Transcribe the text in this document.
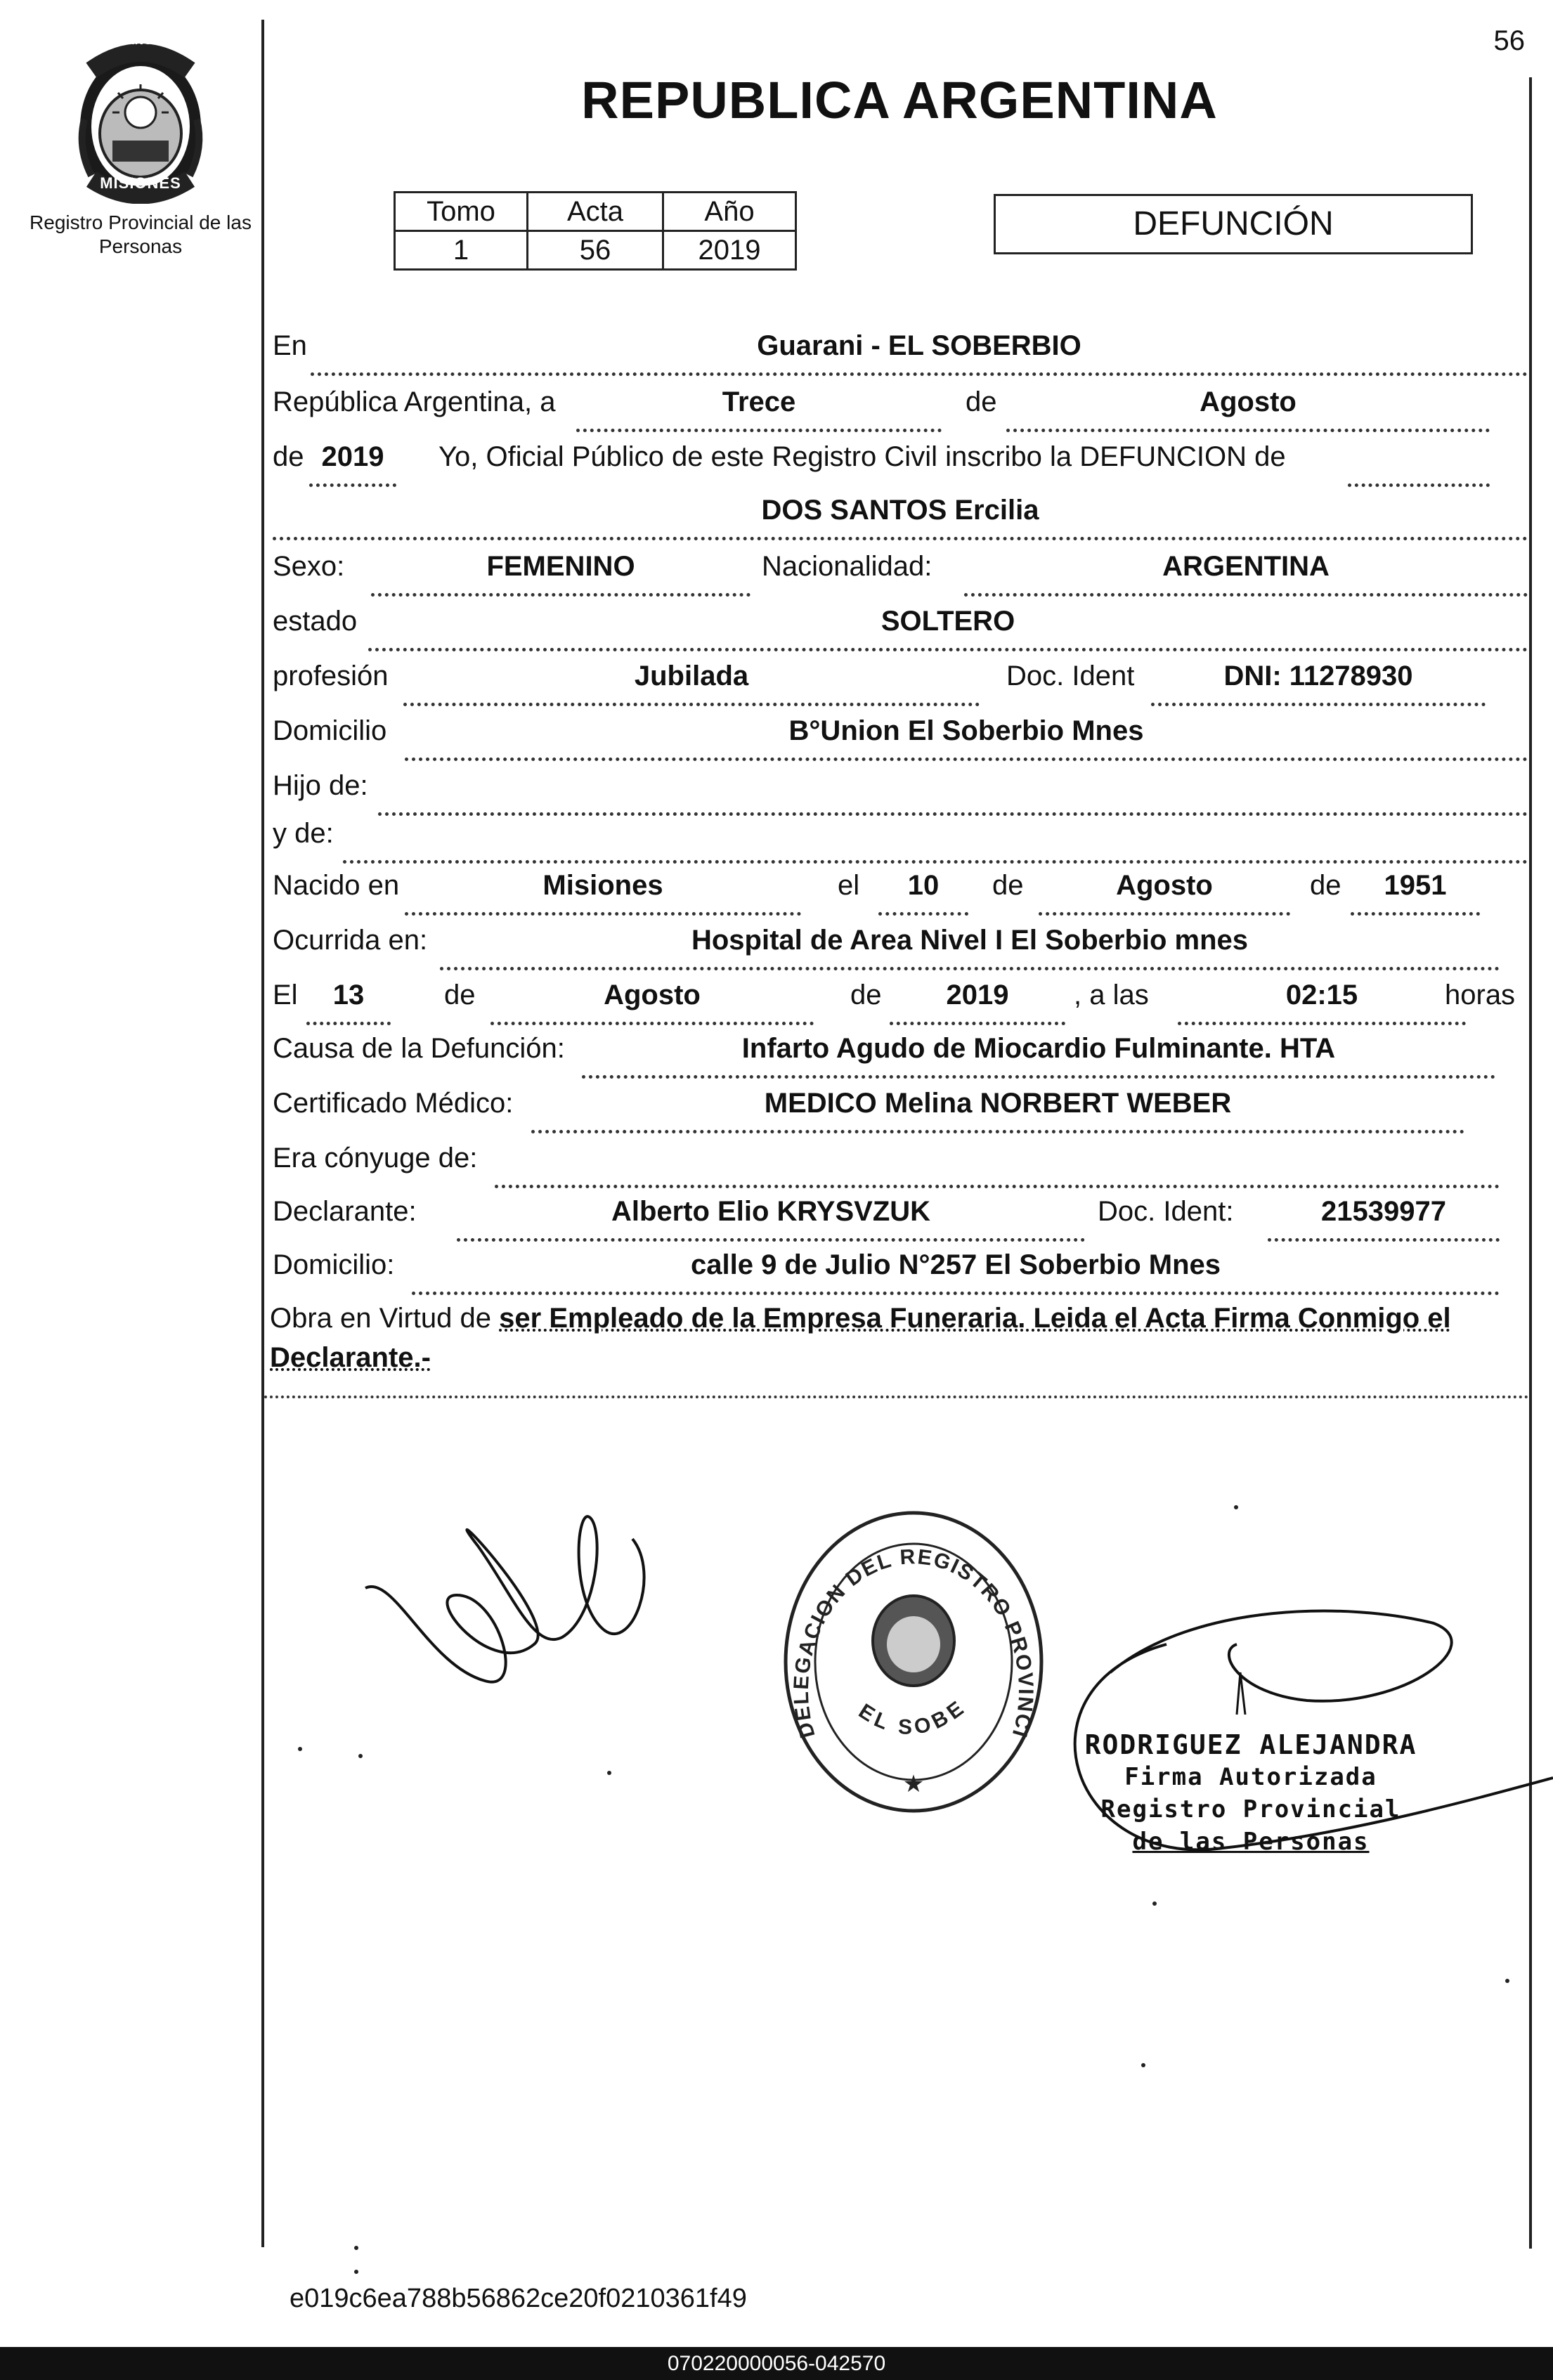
56
PROVINCIA DE
MISIONES
Registro Provincial de las Personas
REPUBLICA ARGENTINA
Tomo	Acta	Año
1	56	2019
DEFUNCIÓN
En	Guarani - EL SOBERBIO
República Argentina, a	Trece	de	Agosto
de 2019	Yo, Oficial Público de este Registro Civil inscribo la DEFUNCION de
DOS SANTOS Ercilia
Sexo:	FEMENINO	Nacionalidad:	ARGENTINA
estado	SOLTERO
profesión	Jubilada	Doc. Ident	DNI: 11278930
Domicilio	B°Union El Soberbio Mnes
Hijo de:
y de:
Nacido en	Misiones	el	10	de	Agosto	de	1951
Ocurrida en:	Hospital de Area Nivel I El Soberbio mnes
El	13	de	Agosto	de	2019	, a las	02:15	horas
Causa de la Defunción:	Infarto Agudo de Miocardio Fulminante. HTA
Certificado Médico:	MEDICO Melina NORBERT WEBER
Era cónyuge de:
Declarante:	Alberto Elio KRYSVZUK	Doc. Ident:	21539977
Domicilio:	calle 9 de Julio N°257 El Soberbio Mnes
Obra en Virtud de ser Empleado de la Empresa Funeraria. Leida el Acta Firma Conmigo el Declarante.-
DELEGACION DEL REGISTRO PROVINCI
EL SOBE
★
RODRIGUEZ ALEJANDRA
Firma Autorizada
Registro Provincial
de las Personas
e019c6ea788b56862ce20f0210361f49
070220000056-042570
